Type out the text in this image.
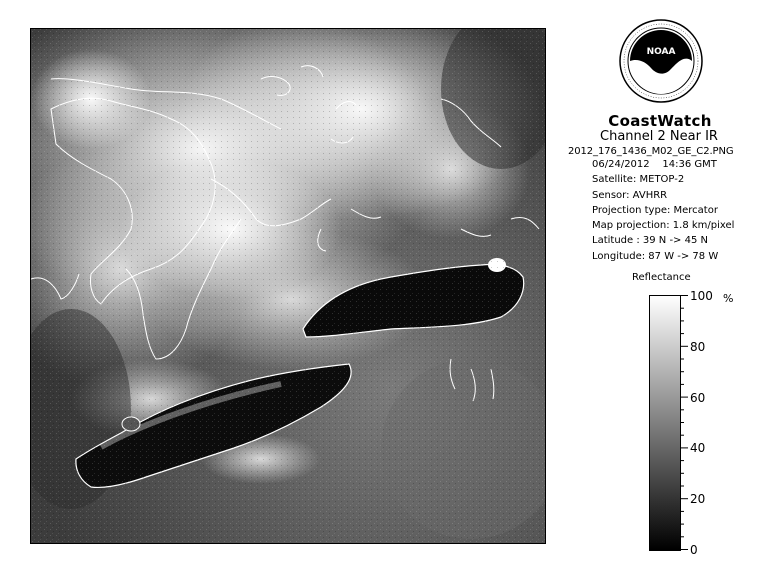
NOAA
CoastWatch
Channel 2 Near IR
2012_176_1436_M02_GE_C2.PNG
06/24/2012 14:36 GMT
Satellite: METOP-2
Sensor: AVHRR
Projection type: Mercator
Map projection: 1.8 km/pixel
Latitude : 39 N -> 45 N
Longitude: 87 W -> 78 W
Reflectance
%
100
80
60
40
20
0
